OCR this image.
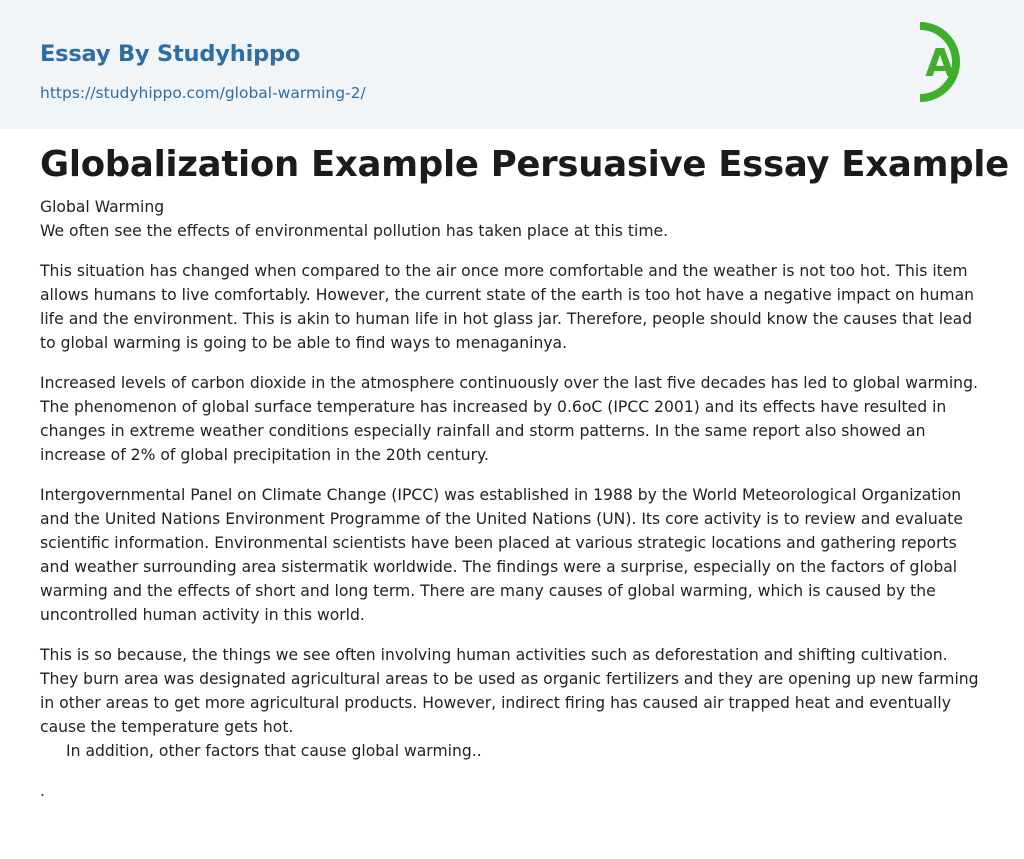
Essay By Studyhippo
https://studyhippo.com/global-warming-2/
A
Globalization Example Persuasive Essay Example

Global Warming
We often see the effects of environmental pollution has taken place at this time.

This situation has changed when compared to the air once more comfortable and the weather is not too hot. This item allows humans to live comfortably. However, the current state of the earth is too hot have a negative impact on human life and the environment. This is akin to human life in hot glass jar. Therefore, people should know the causes that lead to global warming is going to be able to find ways to menaganinya.

Increased levels of carbon dioxide in the atmosphere continuously over the last five decades has led to global warming. The phenomenon of global surface temperature has increased by 0.6oC (IPCC 2001) and its effects have resulted in changes in extreme weather conditions especially rainfall and storm patterns. In the same report also showed an increase of 2% of global precipitation in the 20th century.

Intergovernmental Panel on Climate Change (IPCC) was established in 1988 by the World Meteorological Organization and the United Nations Environment Programme of the United Nations (UN). Its core activity is to review and evaluate scientific information. Environmental scientists have been placed at various strategic locations and gathering reports and weather surrounding area sistermatik worldwide. The findings were a surprise, especially on the factors of global warming and the effects of short and long term. There are many causes of global warming, which is caused by the uncontrolled human activity in this world.

This is so because, the things we see often involving human activities such as deforestation and shifting cultivation. They burn area was designated agricultural areas to be used as organic fertilizers and they are opening up new farming in other areas to get more agricultural products. However, indirect firing has caused air trapped heat and eventually cause the temperature gets hot.
In addition, other factors that cause global warming..

.
